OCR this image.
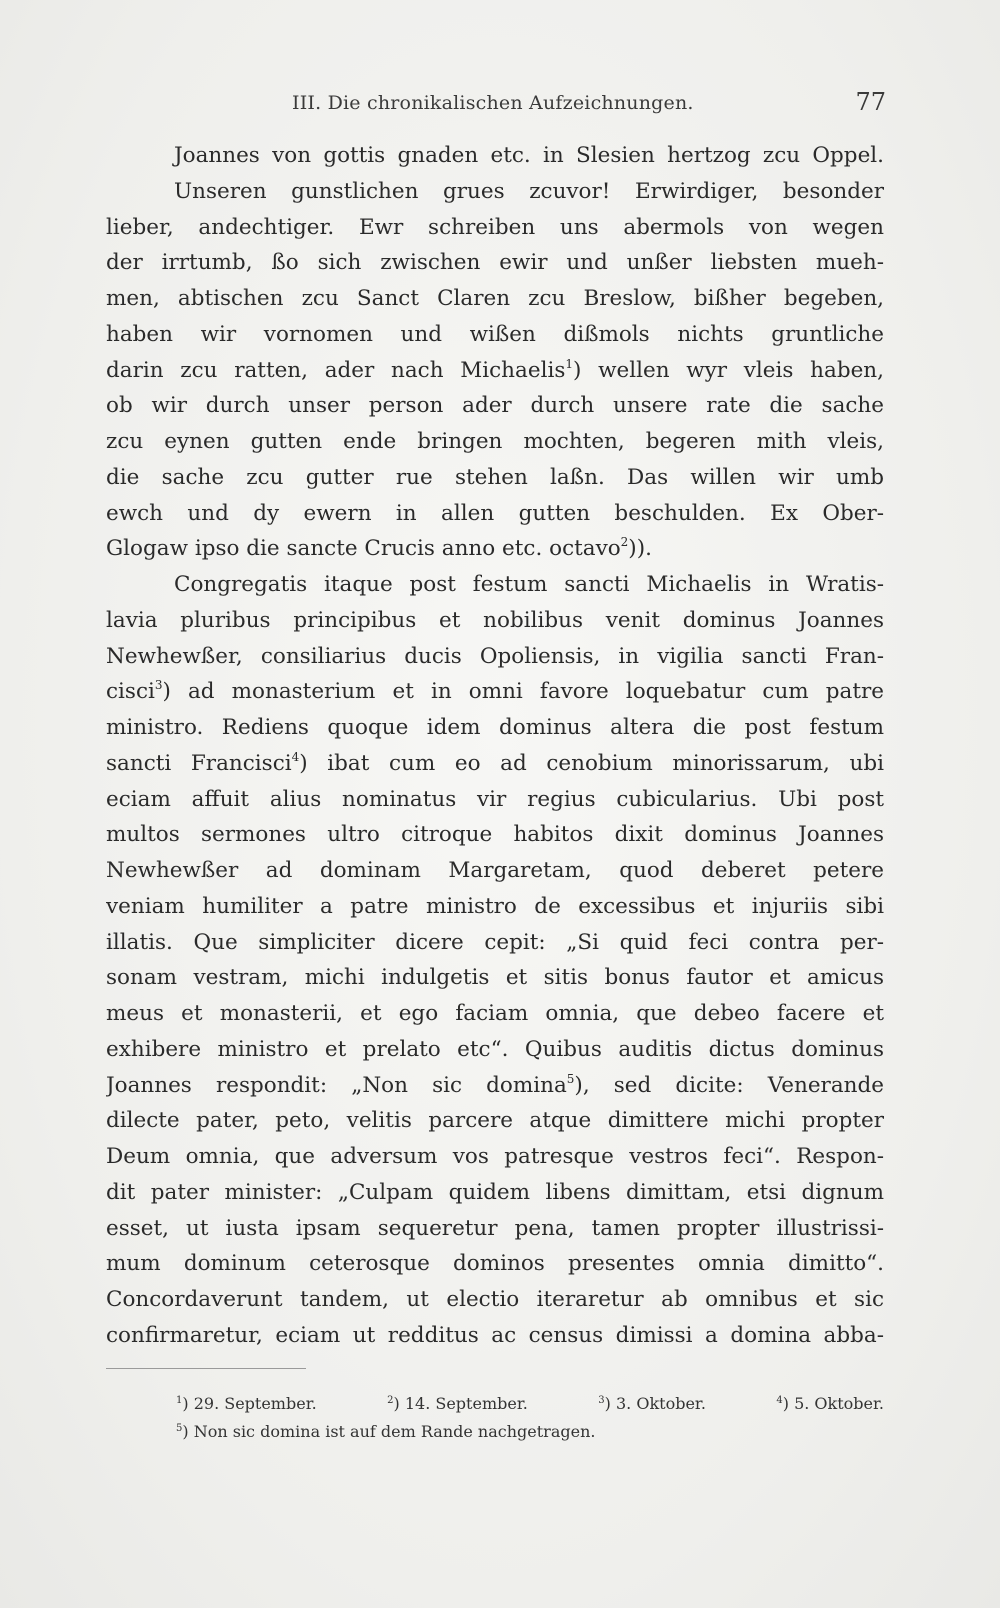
III. Die chronikalischen Aufzeichnungen.	77
Joannes von gottis gnaden etc. in Slesien hertzog zcu Oppel.
Unseren gunstlichen grues zcuvor! Erwirdiger, besonder
lieber, andechtiger. Ewr schreiben uns abermols von wegen
der irrtumb, ßo sich zwischen ewir und unßer liebsten mueh-
men, abtischen zcu Sanct Claren zcu Breslow, bißher begeben,
haben wir vornomen und wißen dißmols nichts gruntliche
darin zcu ratten, ader nach Michaelis$^1$) wellen wyr vleis haben,
ob wir durch unser person ader durch unsere rate die sache
zcu eynen gutten ende bringen mochten, begeren mith vleis,
die sache zcu gutter rue stehen laßn. Das willen wir umb
ewch und dy ewern in allen gutten beschulden. Ex Ober-
Glogaw ipso die sancte Crucis anno etc. octavo$^2$)).
Congregatis itaque post festum sancti Michaelis in Wratis-
lavia pluribus principibus et nobilibus venit dominus Joannes
Newhewßer, consiliarius ducis Opoliensis, in vigilia sancti Fran-
cisci$^3$) ad monasterium et in omni favore loquebatur cum patre
ministro. Rediens quoque idem dominus altera die post festum
sancti Francisci$^4$) ibat cum eo ad cenobium minorissarum, ubi
eciam affuit alius nominatus vir regius cubicularius. Ubi post
multos sermones ultro citroque habitos dixit dominus Joannes
Newhewßer ad dominam Margaretam, quod deberet petere
veniam humiliter a patre ministro de excessibus et injuriis sibi
illatis. Que simpliciter dicere cepit: „Si quid feci contra per-
sonam vestram, michi indulgetis et sitis bonus fautor et amicus
meus et monasterii, et ego faciam omnia, que debeo facere et
exhibere ministro et prelato etc“. Quibus auditis dictus dominus
Joannes respondit: „Non sic domina$^5$), sed dicite: Venerande
dilecte pater, peto, velitis parcere atque dimittere michi propter
Deum omnia, que adversum vos patresque vestros feci“. Respon-
dit pater minister: „Culpam quidem libens dimittam, etsi dignum
esset, ut iusta ipsam sequeretur pena, tamen propter illustrissi-
mum dominum ceterosque dominos presentes omnia dimitto“.
Concordaverunt tandem, ut electio iteraretur ab omnibus et sic
confirmaretur, eciam ut redditus ac census dimissi a domina abba-
$^1$) 29. September.	$^2$) 14. September.	$^3$) 3. Oktober.	$^4$) 5. Oktober.
$^5$) Non sic domina ist auf dem Rande nachgetragen.
